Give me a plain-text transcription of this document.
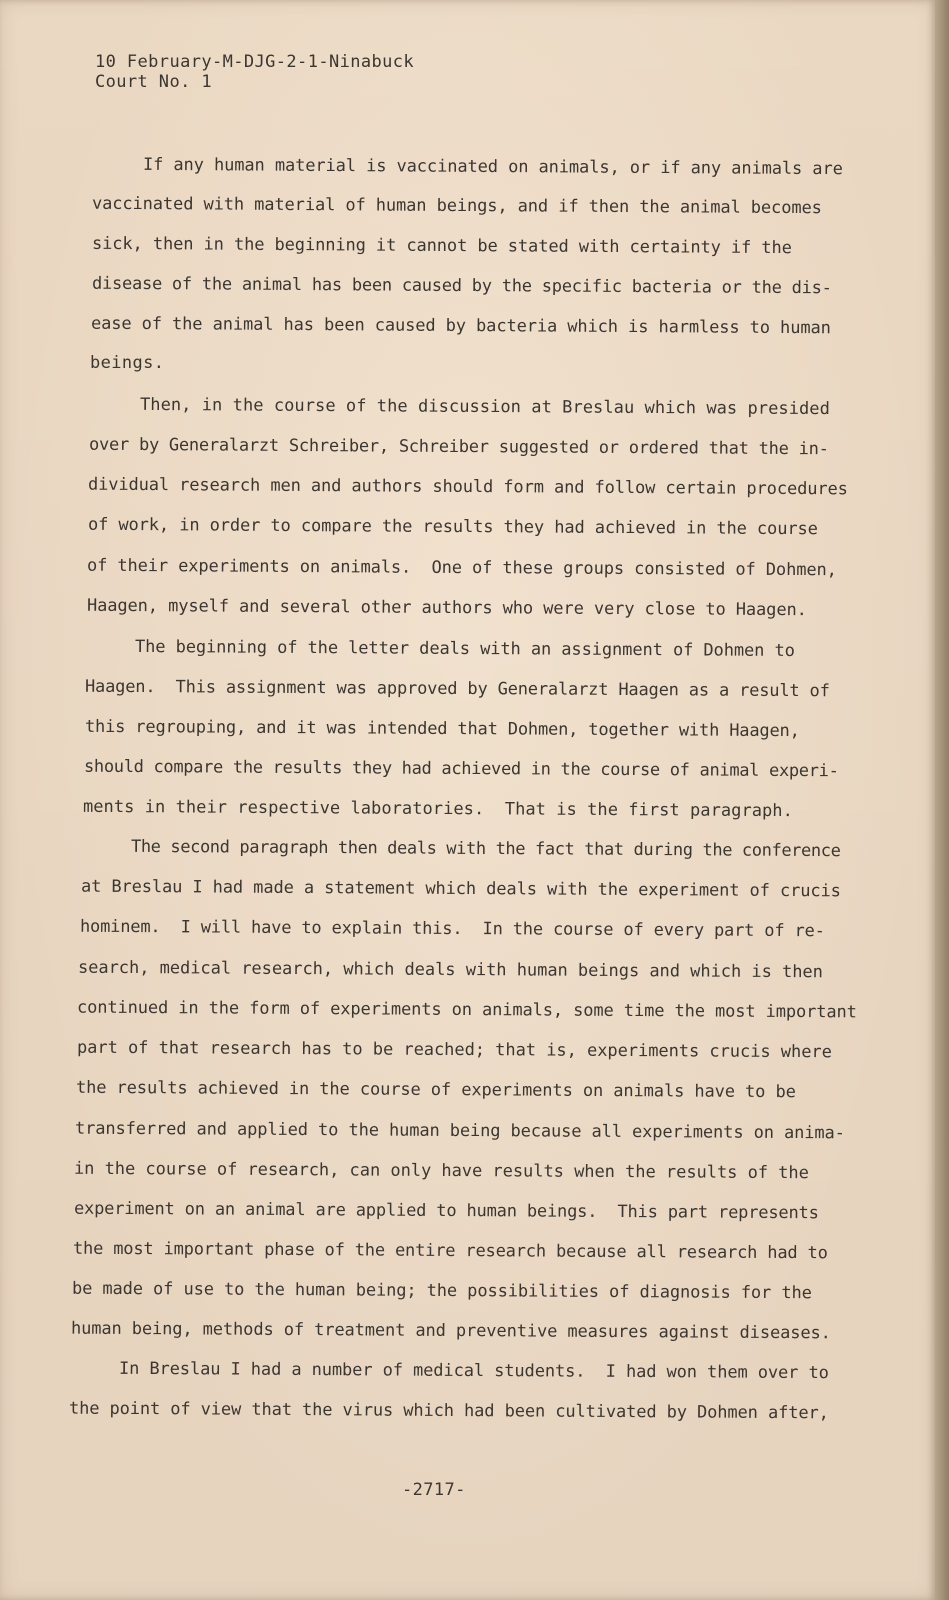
10 February-M-DJG-2-1-Ninabuck
Court No. 1
If any human material is vaccinated on animals, or if any animals are
vaccinated with material of human beings, and if then the animal becomes
sick, then in the beginning it cannot be stated with certainty if the
disease of the animal has been caused by the specific bacteria or the dis-
ease of the animal has been caused by bacteria which is harmless to human
beings.
Then, in the course of the discussion at Breslau which was presided
over by Generalarzt Schreiber, Schreiber suggested or ordered that the in-
dividual research men and authors should form and follow certain procedures
of work, in order to compare the results they had achieved in the course
of their experiments on animals.  One of these groups consisted of Dohmen,
Haagen, myself and several other authors who were very close to Haagen.
The beginning of the letter deals with an assignment of Dohmen to
Haagen.  This assignment was approved by Generalarzt Haagen as a result of
this regrouping, and it was intended that Dohmen, together with Haagen,
should compare the results they had achieved in the course of animal experi-
ments in their respective laboratories.  That is the first paragraph.
The second paragraph then deals with the fact that during the conference
at Breslau I had made a statement which deals with the experiment of crucis
hominem.  I will have to explain this.  In the course of every part of re-
search, medical research, which deals with human beings and which is then
continued in the form of experiments on animals, some time the most important
part of that research has to be reached; that is, experiments crucis where
the results achieved in the course of experiments on animals have to be
transferred and applied to the human being because all experiments on anima-
in the course of research, can only have results when the results of the
experiment on an animal are applied to human beings.  This part represents
the most important phase of the entire research because all research had to
be made of use to the human being; the possibilities of diagnosis for the
human being, methods of treatment and preventive measures against diseases.
In Breslau I had a number of medical students.  I had won them over to
the point of view that the virus which had been cultivated by Dohmen after,
-2717-
